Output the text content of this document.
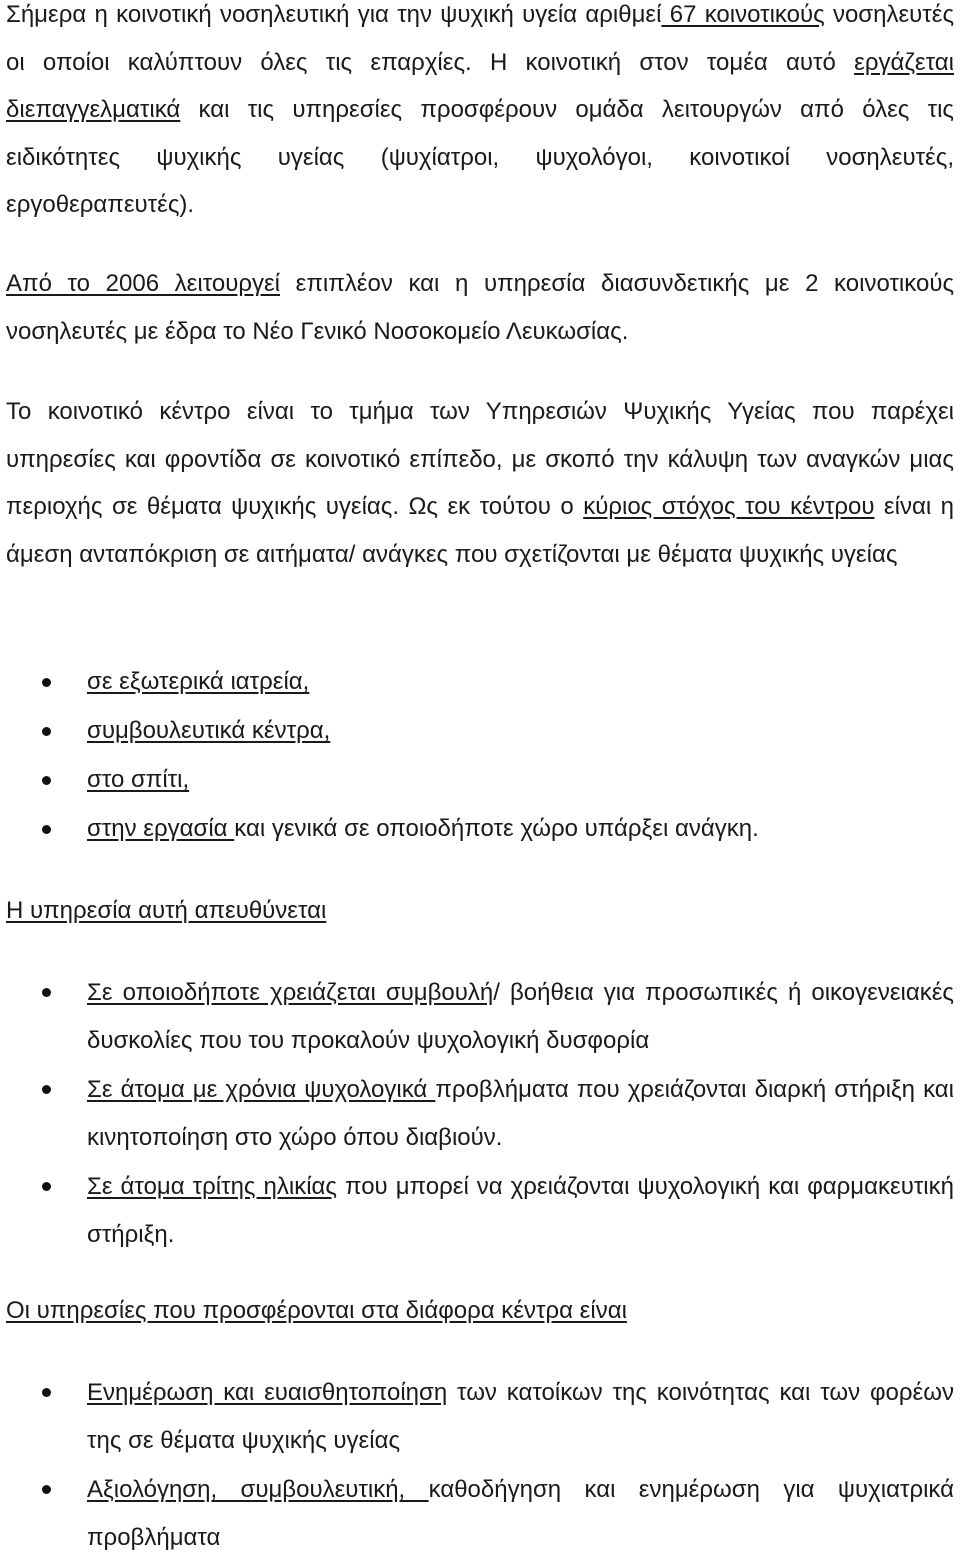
Σήμερα η κοινοτική νοσηλευτική για την ψυχική υγεία αριθμεί 67 κοινοτικούς νοσηλευτές οι οποίοι καλύπτουν όλες τις επαρχίες. Η κοινοτική στον τομέα αυτό εργάζεται διεπαγγελματικά και τις υπηρεσίες προσφέρουν ομάδα λειτουργών από όλες τις ειδικότητες ψυχικής υγείας (ψυχίατροι, ψυχολόγοι, κοινοτικοί νοσηλευτές, εργοθεραπευτές).

Από το 2006 λειτουργεί επιπλέον και η υπηρεσία διασυνδετικής με 2 κοινοτικούς νοσηλευτές με έδρα το Νέο Γενικό Νοσοκομείο Λευκωσίας.

Το κοινοτικό κέντρο είναι το τμήμα των Υπηρεσιών Ψυχικής Υγείας που παρέχει υπηρεσίες και φροντίδα σε κοινοτικό επίπεδο, με σκοπό την κάλυψη των αναγκών μιας περιοχής σε θέματα ψυχικής υγείας. Ως εκ τούτου ο κύριος στόχος του κέντρου είναι η άμεση ανταπόκριση σε αιτήματα/ ανάγκες που σχετίζονται με θέματα ψυχικής υγείας

σε εξωτερικά ιατρεία,
συμβουλευτικά κέντρα,
στο σπίτι,
στην εργασία και γενικά σε οποιοδήποτε χώρο υπάρξει ανάγκη.

Η υπηρεσία αυτή απευθύνεται

Σε οποιοδήποτε χρειάζεται συμβουλή/ βοήθεια για προσωπικές ή οικογενειακές δυσκολίες που του προκαλούν ψυχολογική δυσφορία
Σε άτομα με χρόνια ψυχολογικά προβλήματα που χρειάζονται διαρκή στήριξη και κινητοποίηση στο χώρο όπου διαβιούν.
Σε άτομα τρίτης ηλικίας που μπορεί να χρειάζονται ψυχολογική και φαρμακευτική στήριξη.

Οι υπηρεσίες που προσφέρονται στα διάφορα κέντρα είναι

Ενημέρωση και ευαισθητοποίηση των κατοίκων της κοινότητας και των φορέων της σε θέματα ψυχικής υγείας
Αξιολόγηση, συμβουλευτική, καθοδήγηση και ενημέρωση για ψυχιατρικά προβλήματα
